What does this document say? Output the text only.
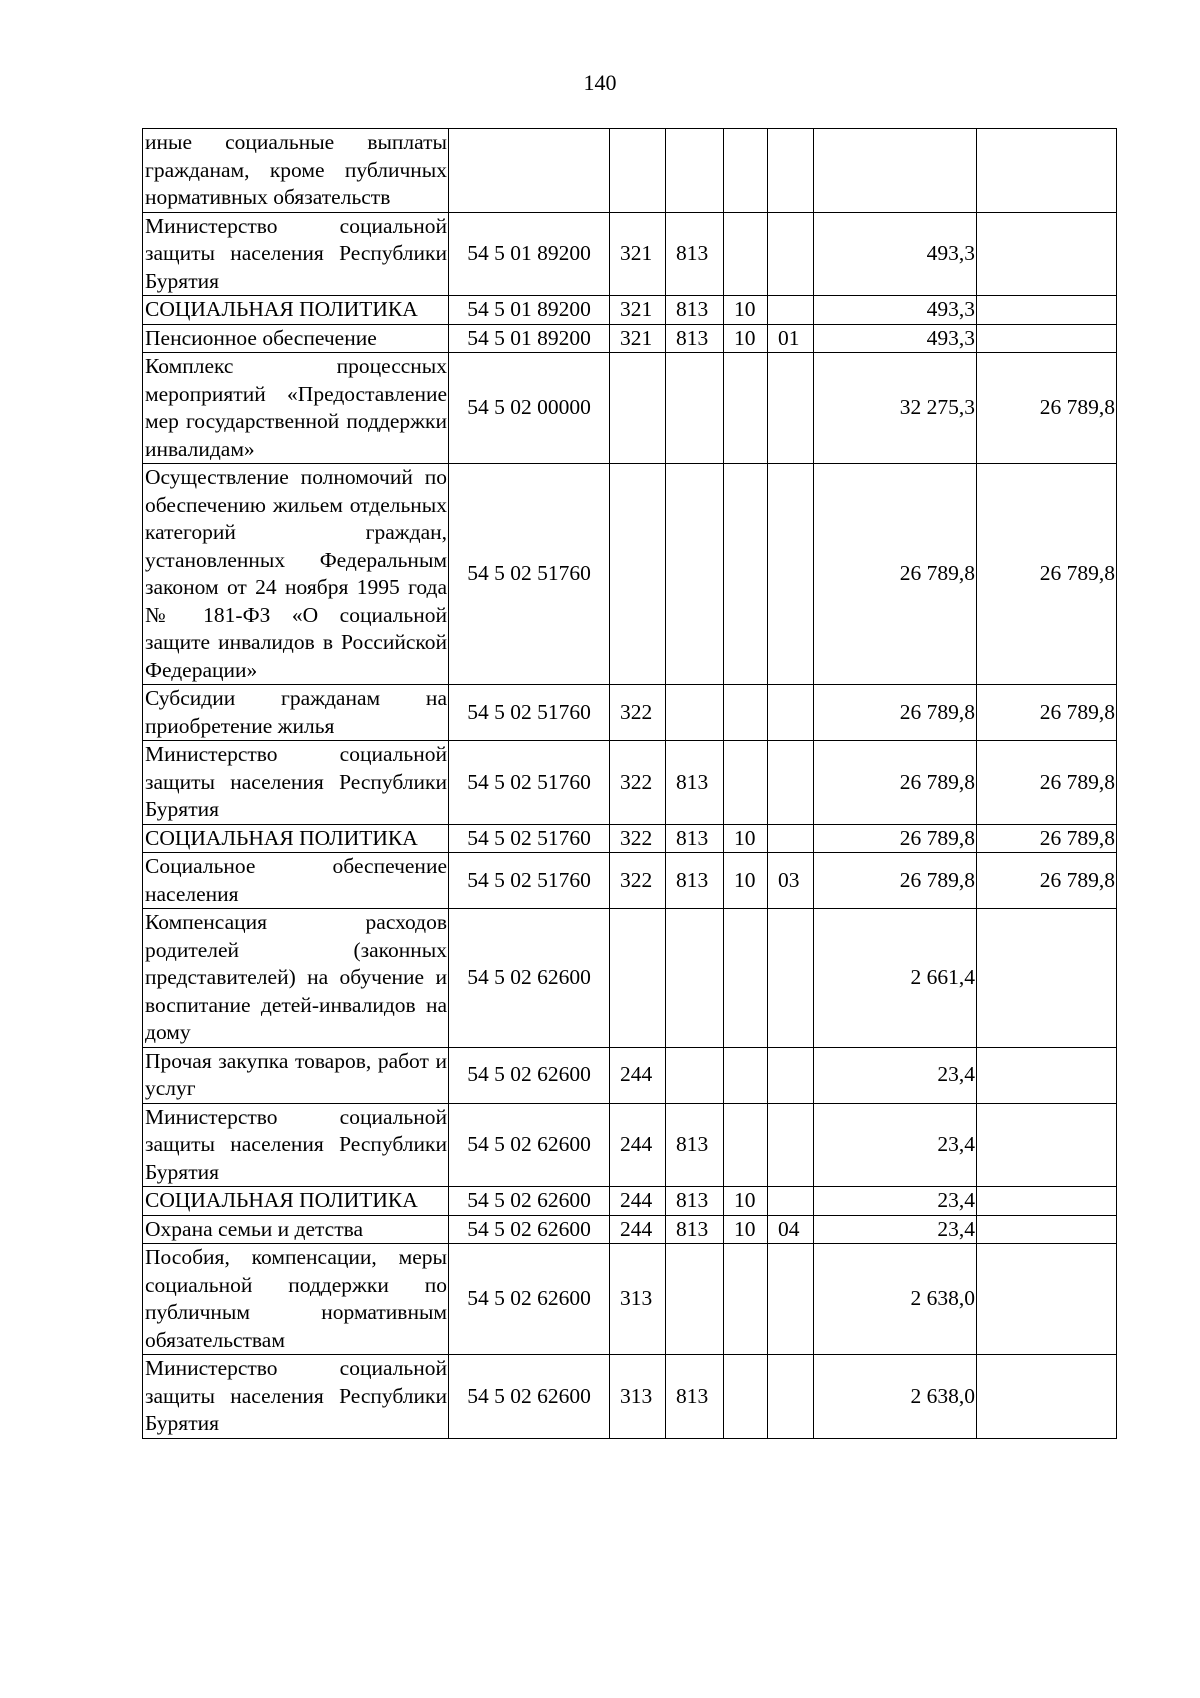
140
иные социальные выплаты гражданам, кроме публичных нормативных обязательств							
Министерство социальной защиты населения Республики Бурятия	54 5 01 89200	321	813			493,3	
СОЦИАЛЬНАЯ ПОЛИТИКА	54 5 01 89200	321	813	10		493,3	
Пенсионное обеспечение	54 5 01 89200	321	813	10	01	493,3	
Комплекс процессных мероприятий «Предоставление мер государственной поддержки инвалидам»	54 5 02 00000					32 275,3	26 789,8
Осуществление полномочий по обеспечению жильем отдельных категорий граждан, установленных Федеральным законом от 24 ноября 1995 года № 181-ФЗ «О социальной защите инвалидов в Российской Федерации»	54 5 02 51760					26 789,8	26 789,8
Субсидии гражданам на приобретение жилья	54 5 02 51760	322				26 789,8	26 789,8
Министерство социальной защиты населения Республики Бурятия	54 5 02 51760	322	813			26 789,8	26 789,8
СОЦИАЛЬНАЯ ПОЛИТИКА	54 5 02 51760	322	813	10		26 789,8	26 789,8
Социальное обеспечение населения	54 5 02 51760	322	813	10	03	26 789,8	26 789,8
Компенсация расходов родителей (законных представителей) на обучение и воспитание детей-инвалидов на дому	54 5 02 62600					2 661,4	
Прочая закупка товаров, работ и услуг	54 5 02 62600	244				23,4	
Министерство социальной защиты населения Республики Бурятия	54 5 02 62600	244	813			23,4	
СОЦИАЛЬНАЯ ПОЛИТИКА	54 5 02 62600	244	813	10		23,4	
Охрана семьи и детства	54 5 02 62600	244	813	10	04	23,4	
Пособия, компенсации, меры социальной поддержки по публичным нормативным обязательствам	54 5 02 62600	313				2 638,0	
Министерство социальной защиты населения Республики Бурятия	54 5 02 62600	313	813			2 638,0	
